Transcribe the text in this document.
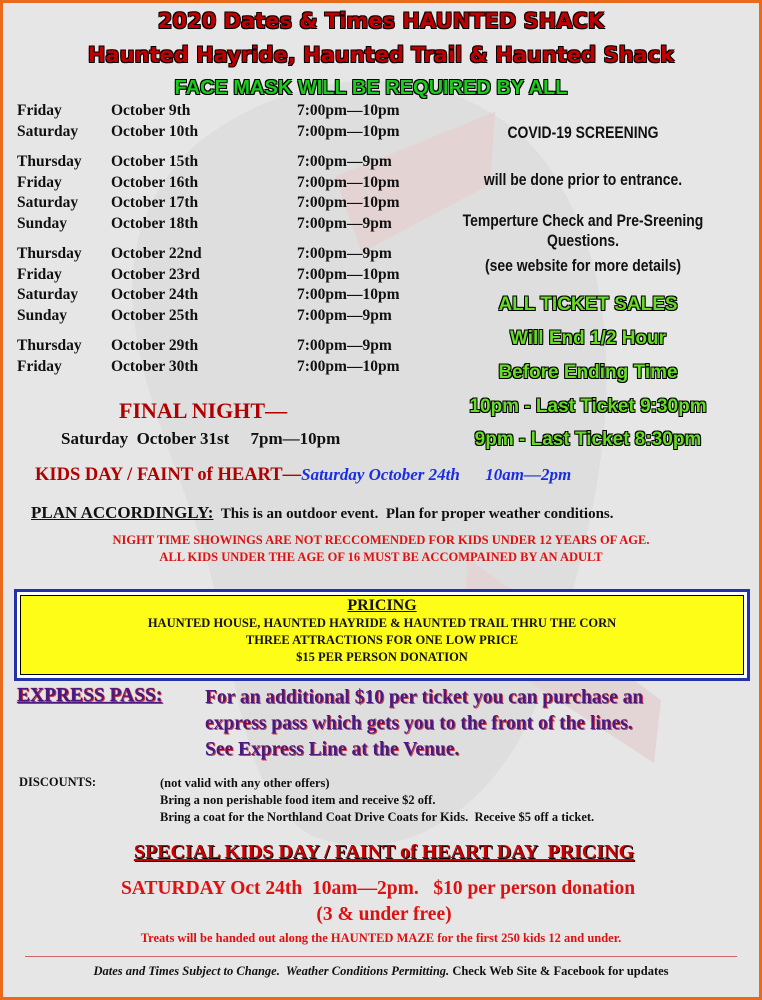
2020 Dates & Times HAUNTED SHACK
Haunted Hayride, Haunted Trail & Haunted Shack
FACE MASK WILL BE REQUIRED BY ALL
Friday	October 9th	7:00pm—10pm
Saturday October 10th	7:00pm—10pm
Thursday October 15th	7:00pm—9pm
Friday	October 16th	7:00pm—10pm
Saturday October 17th	7:00pm—10pm
Sunday	October 18th	7:00pm—9pm
Thursday October 22nd	7:00pm—9pm
Friday	October 23rd	7:00pm—10pm
Saturday October 24th	7:00pm—10pm
Sunday	October 25th	7:00pm—9pm
Thursday October 29th	7:00pm—9pm
Friday	October 30th	7:00pm—10pm
COVID-19 SCREENING
will be done prior to entrance.
Temperture Check and Pre-Sreening Questions.
(see website for more details)
ALL TICKET SALES
Will End 1/2 Hour
Before Ending Time
10pm - Last Ticket 9:30pm
9pm - Last Ticket 8:30pm
FINAL NIGHT—
Saturday  October 31st     7pm—10pm
KIDS DAY / FAINT of HEART—Saturday October 24th      10am—2pm
PLAN ACCORDINGLY:  This is an outdoor event.  Plan for proper weather conditions.
NIGHT TIME SHOWINGS ARE NOT RECCOMENDED FOR KIDS UNDER 12 YEARS OF AGE.
ALL KIDS UNDER THE AGE OF 16 MUST BE ACCOMPAINED BY AN ADULT
PRICING
HAUNTED HOUSE, HAUNTED HAYRIDE & HAUNTED TRAIL THRU THE CORN
THREE ATTRACTIONS FOR ONE LOW PRICE
$15 PER PERSON DONATION
EXPRESS PASS: For an additional $10 per ticket you can purchase an
express pass which gets you to the front of the lines.
See Express Line at the Venue.
DISCOUNTS:	(not valid with any other offers)
Bring a non perishable food item and receive $2 off.
Bring a coat for the Northland Coat Drive Coats for Kids.  Receive $5 off a ticket.
SPECIAL KIDS DAY / FAINT of HEART DAY  PRICING
SATURDAY Oct 24th  10am—2pm.   $10 per person donation
(3 & under free)
Treats will be handed out along the HAUNTED MAZE for the first 250 kids 12 and under.
Dates and Times Subject to Change.  Weather Conditions Permitting. Check Web Site & Facebook for updates
